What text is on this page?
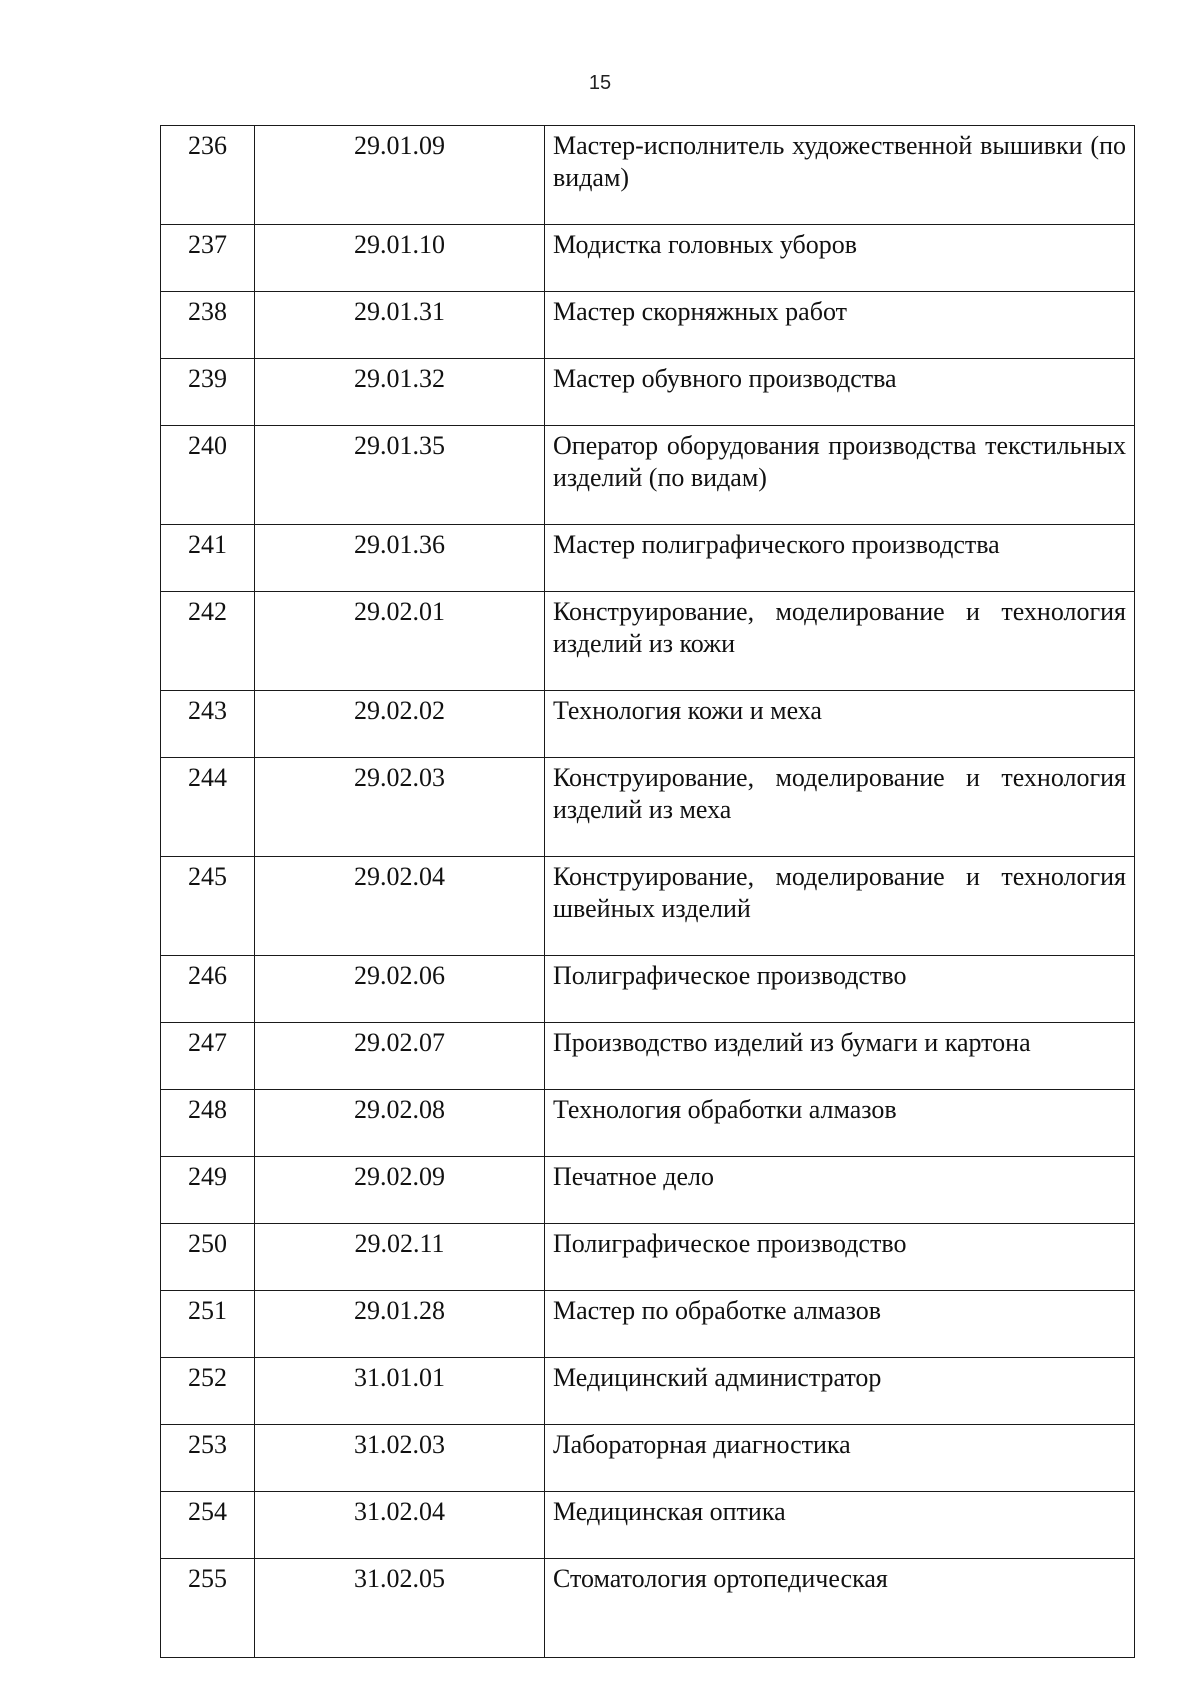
15
236	29.01.09	Мастер-исполнитель художественной вышивки (по видам)
237	29.01.10	Модистка головных уборов
238	29.01.31	Мастер скорняжных работ
239	29.01.32	Мастер обувного производства
240	29.01.35	Оператор оборудования производства текстильных изделий (по видам)
241	29.01.36	Мастер полиграфического производства
242	29.02.01	Конструирование, моделирование и технология изделий из кожи
243	29.02.02	Технология кожи и меха
244	29.02.03	Конструирование, моделирование и технология изделий из меха
245	29.02.04	Конструирование, моделирование и технология швейных изделий
246	29.02.06	Полиграфическое производство
247	29.02.07	Производство изделий из бумаги и картона
248	29.02.08	Технология обработки алмазов
249	29.02.09	Печатное дело
250	29.02.11	Полиграфическое производство
251	29.01.28	Мастер по обработке алмазов
252	31.01.01	Медицинский администратор
253	31.02.03	Лабораторная диагностика
254	31.02.04	Медицинская оптика
255	31.02.05	Стоматология ортопедическая
